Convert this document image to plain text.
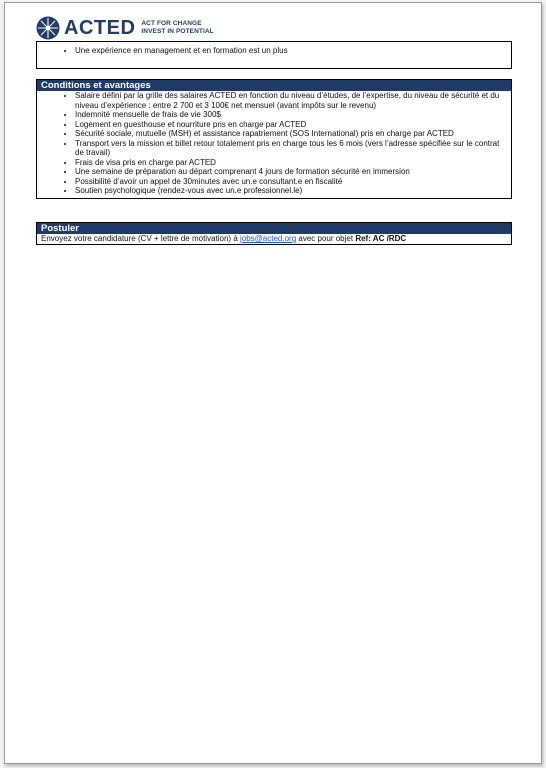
ACTED ACT FOR CHANGE
INVEST IN POTENTIAL
• Une expérience en management et en formation est un plus
Conditions et avantages
• Salaire défini par la grille des salaires ACTED en fonction du niveau d’études, de l’expertise, du niveau de sécurité et du niveau d’expérience : entre 2 700 et 3 100€ net mensuel (avant impôts sur le revenu)
• Indemnité mensuelle de frais de vie 300$
• Logement en guesthouse et nourriture pris en charge par ACTED
• Sécurité sociale, mutuelle (MSH) et assistance rapatriement (SOS International) pris en charge par ACTED
• Transport vers la mission et billet retour totalement pris en charge tous les 6 mois (vers l’adresse spécifiée sur le contrat de travail)
• Frais de visa pris en charge par ACTED
• Une semaine de préparation au départ comprenant 4 jours de formation sécurité en immersion
• Possibilité d’avoir un appel de 30minutes avec un.e consultant.e en fiscalité
• Soutien psychologique (rendez-vous avec un.e professionnel.le)
Postuler
Envoyez votre candidature (CV + lettre de motivation) à jobs@acted.org avec pour objet Ref: AC /RDC
